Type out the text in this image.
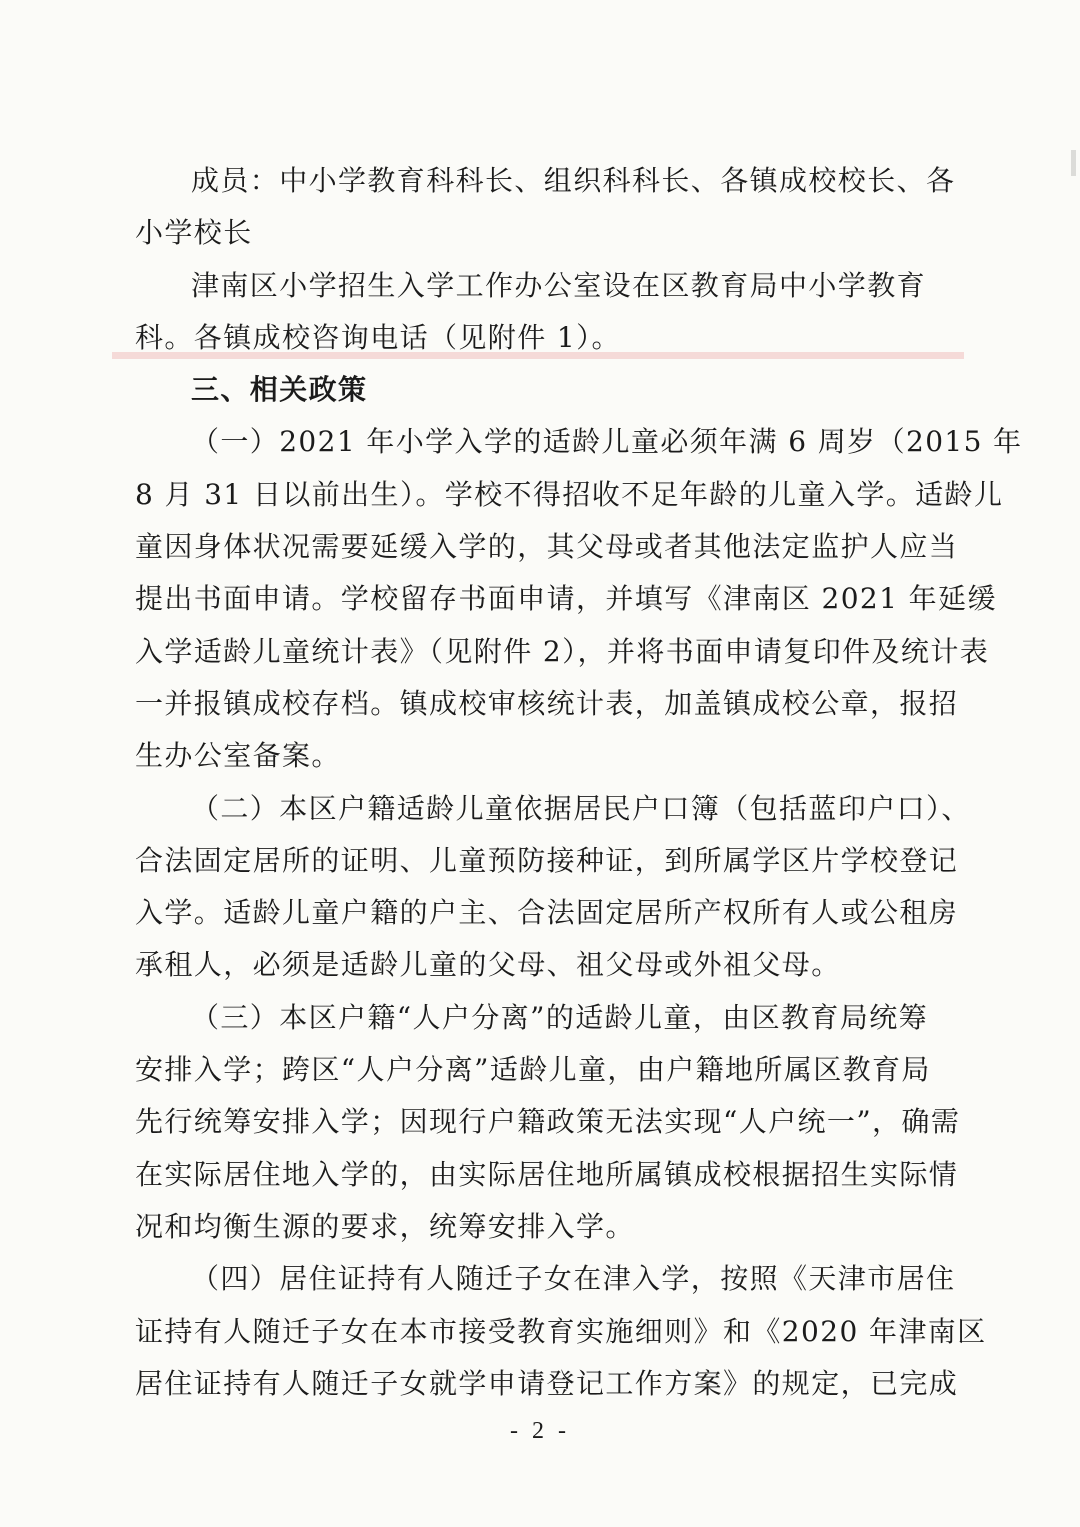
成员：中小学教育科科长、组织科科长、各镇成校校长、各
小学校长
津南区小学招生入学工作办公室设在区教育局中小学教育
科。各镇成校咨询电话（见附件 1）。
三、相关政策
（一）2021 年小学入学的适龄儿童必须年满 6 周岁（2015 年
8 月 31 日以前出生）。学校不得招收不足年龄的儿童入学。适龄儿
童因身体状况需要延缓入学的，其父母或者其他法定监护人应当
提出书面申请。学校留存书面申请，并填写《津南区 2021 年延缓
入学适龄儿童统计表》（见附件 2），并将书面申请复印件及统计表
一并报镇成校存档。镇成校审核统计表，加盖镇成校公章，报招
生办公室备案。
（二）本区户籍适龄儿童依据居民户口簿（包括蓝印户口）、
合法固定居所的证明、儿童预防接种证，到所属学区片学校登记
入学。适龄儿童户籍的户主、合法固定居所产权所有人或公租房
承租人，必须是适龄儿童的父母、祖父母或外祖父母。
（三）本区户籍“人户分离”的适龄儿童，由区教育局统筹
安排入学；跨区“人户分离”适龄儿童，由户籍地所属区教育局
先行统筹安排入学；因现行户籍政策无法实现“人户统一”，确需
在实际居住地入学的，由实际居住地所属镇成校根据招生实际情
况和均衡生源的要求，统筹安排入学。
（四）居住证持有人随迁子女在津入学，按照《天津市居住
证持有人随迁子女在本市接受教育实施细则》和《2020 年津南区
居住证持有人随迁子女就学申请登记工作方案》的规定，已完成
- 2 -
